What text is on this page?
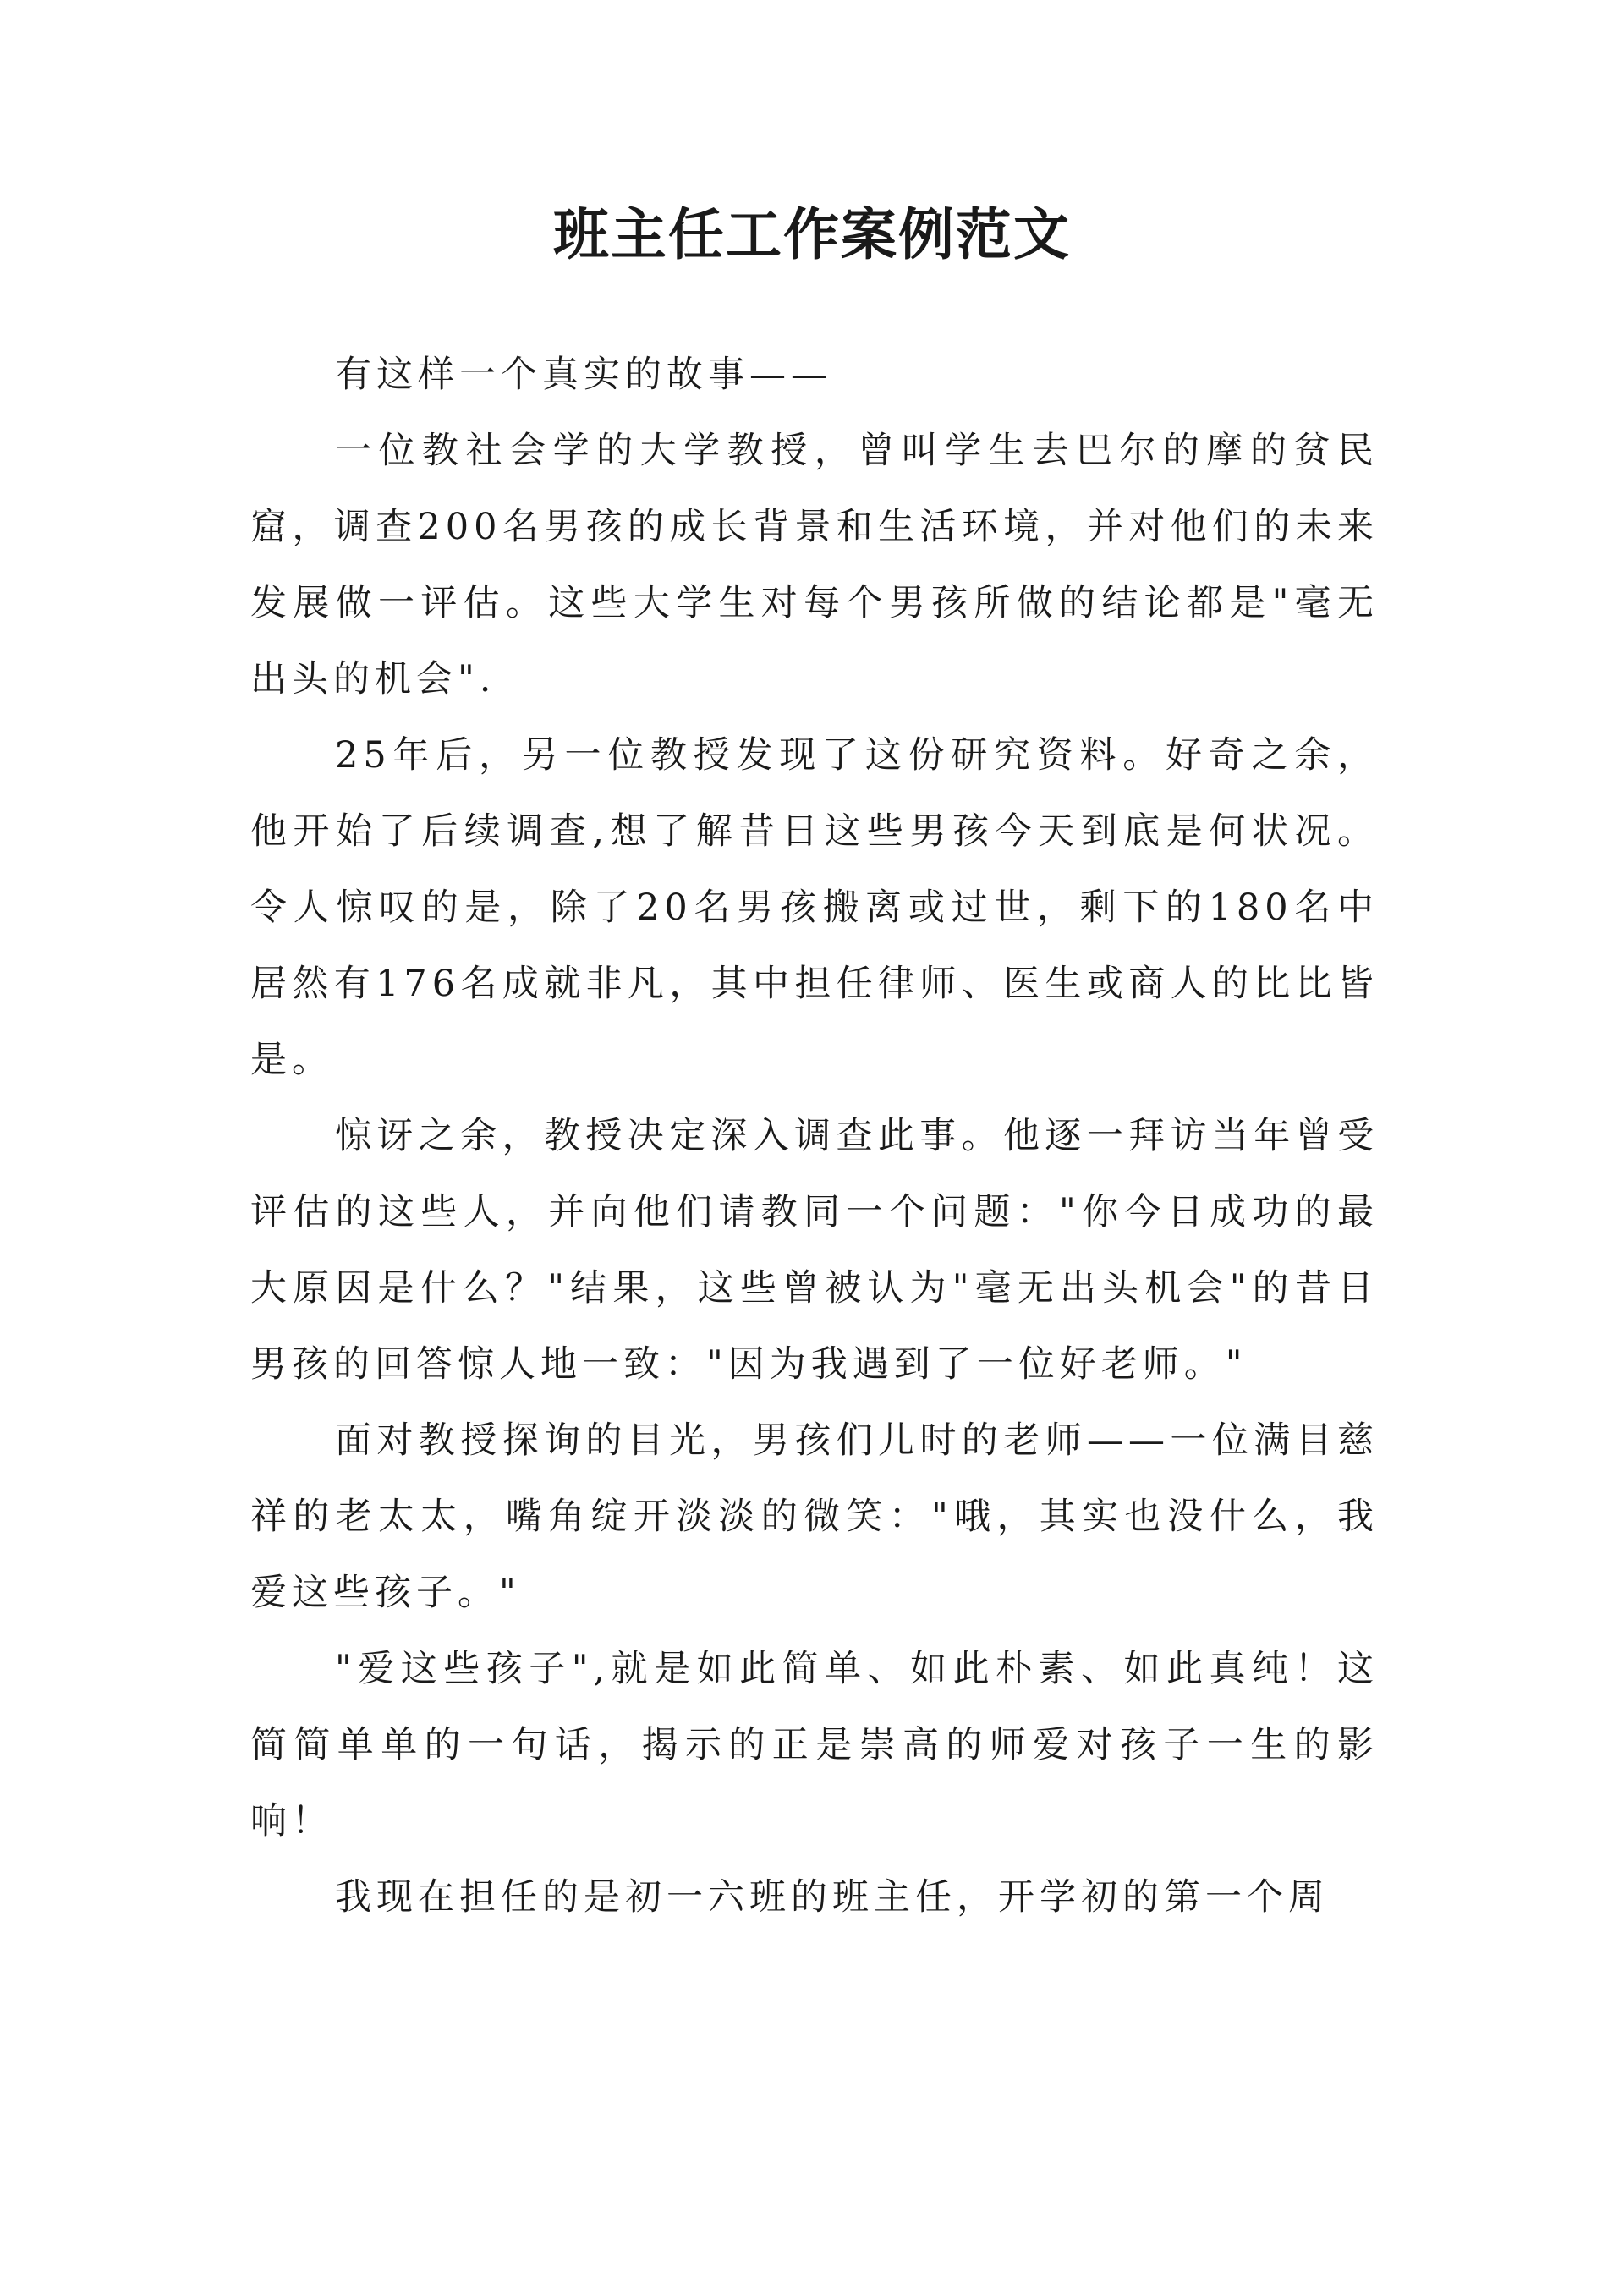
班主任工作案例范文

有这样一个真实的故事——

一位教社会学的大学教授，曾叫学生去巴尔的摩的贫民窟，调查200名男孩的成长背景和生活环境，并对他们的未来发展做一评估。这些大学生对每个男孩所做的结论都是"毫无出头的机会".

25年后，另一位教授发现了这份研究资料。好奇之余，他开始了后续调查,想了解昔日这些男孩今天到底是何状况。令人惊叹的是，除了20名男孩搬离或过世，剩下的180名中居然有176名成就非凡，其中担任律师、医生或商人的比比皆是。

惊讶之余，教授决定深入调查此事。他逐一拜访当年曾受评估的这些人，并向他们请教同一个问题："你今日成功的最大原因是什么？"结果，这些曾被认为"毫无出头机会"的昔日男孩的回答惊人地一致："因为我遇到了一位好老师。"

面对教授探询的目光，男孩们儿时的老师——一位满目慈祥的老太太，嘴角绽开淡淡的微笑："哦，其实也没什么，我爱这些孩子。"

"爱这些孩子",就是如此简单、如此朴素、如此真纯！这简简单单的一句话，揭示的正是崇高的师爱对孩子一生的影响！

我现在担任的是初一六班的班主任，开学初的第一个周
